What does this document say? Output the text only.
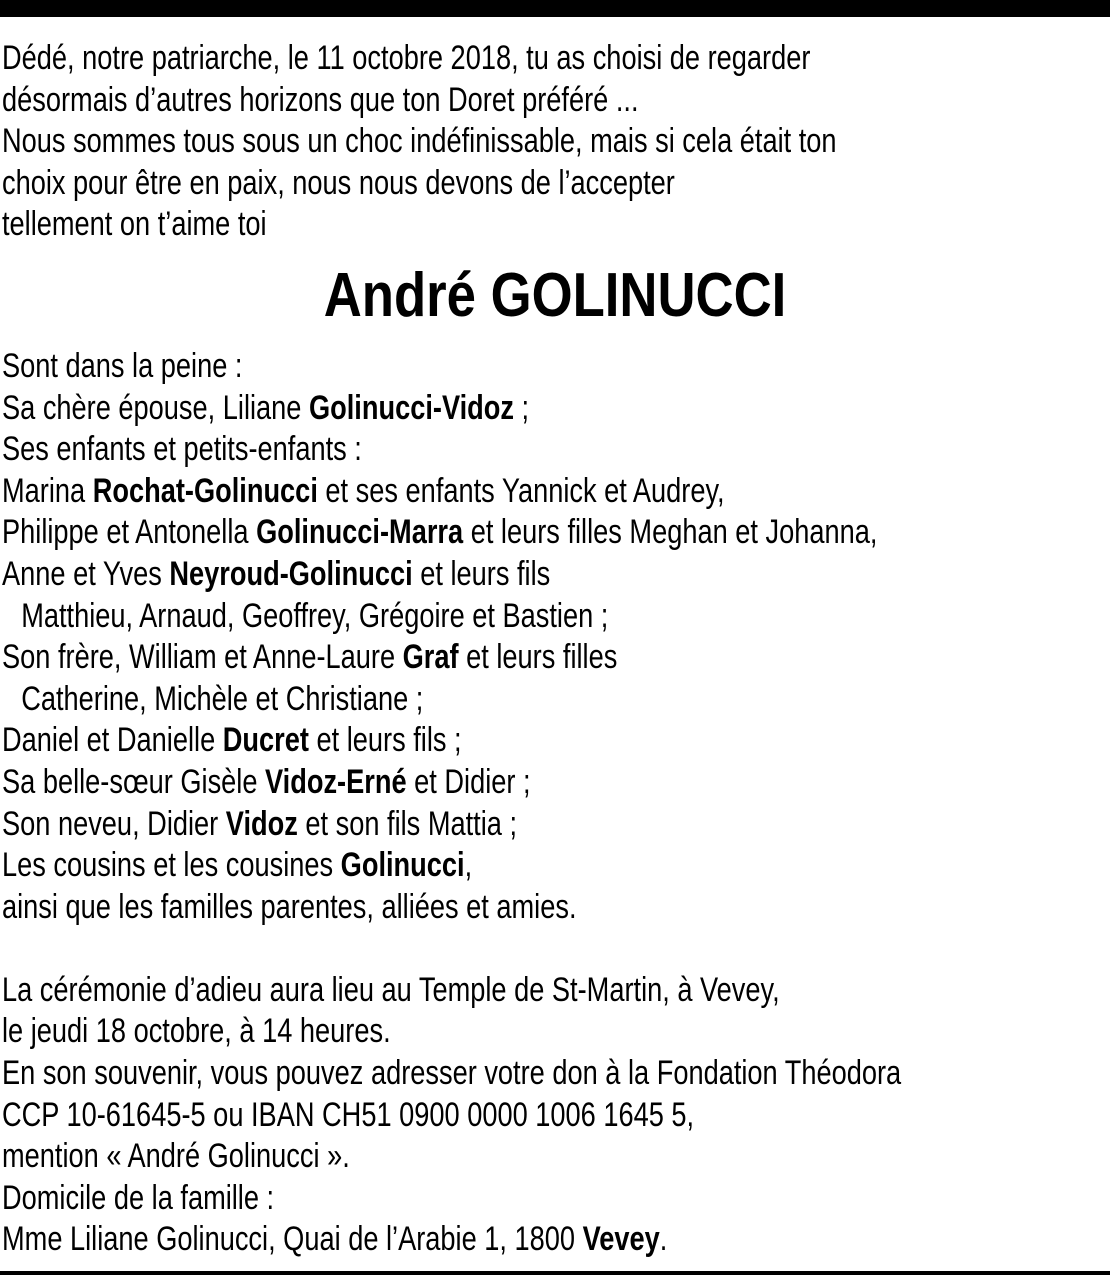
Dédé, notre patriarche, le 11 octobre 2018, tu as choisi de regarder
désormais d’autres horizons que ton Doret préféré ...
Nous sommes tous sous un choc indéfinissable, mais si cela était ton
choix pour être en paix, nous nous devons de l’accepter
tellement on t’aime toi
André GOLINUCCI
Sont dans la peine :
Sa chère épouse, Liliane Golinucci-Vidoz ;
Ses enfants et petits-enfants :
Marina Rochat-Golinucci et ses enfants Yannick et Audrey,
Philippe et Antonella Golinucci-Marra et leurs filles Meghan et Johanna,
Anne et Yves Neyroud-Golinucci et leurs fils
Matthieu, Arnaud, Geoffrey, Grégoire et Bastien ;
Son frère, William et Anne-Laure Graf et leurs filles
Catherine, Michèle et Christiane ;
Daniel et Danielle Ducret et leurs fils ;
Sa belle-sœur Gisèle Vidoz-Erné et Didier ;
Son neveu, Didier Vidoz et son fils Mattia ;
Les cousins et les cousines Golinucci,
ainsi que les familles parentes, alliées et amies.
La cérémonie d’adieu aura lieu au Temple de St-Martin, à Vevey,
le jeudi 18 octobre, à 14 heures.
En son souvenir, vous pouvez adresser votre don à la Fondation Théodora
CCP 10-61645-5 ou IBAN CH51 0900 0000 1006 1645 5,
mention « André Golinucci ».
Domicile de la famille :
Mme Liliane Golinucci, Quai de l’Arabie 1, 1800 Vevey.
